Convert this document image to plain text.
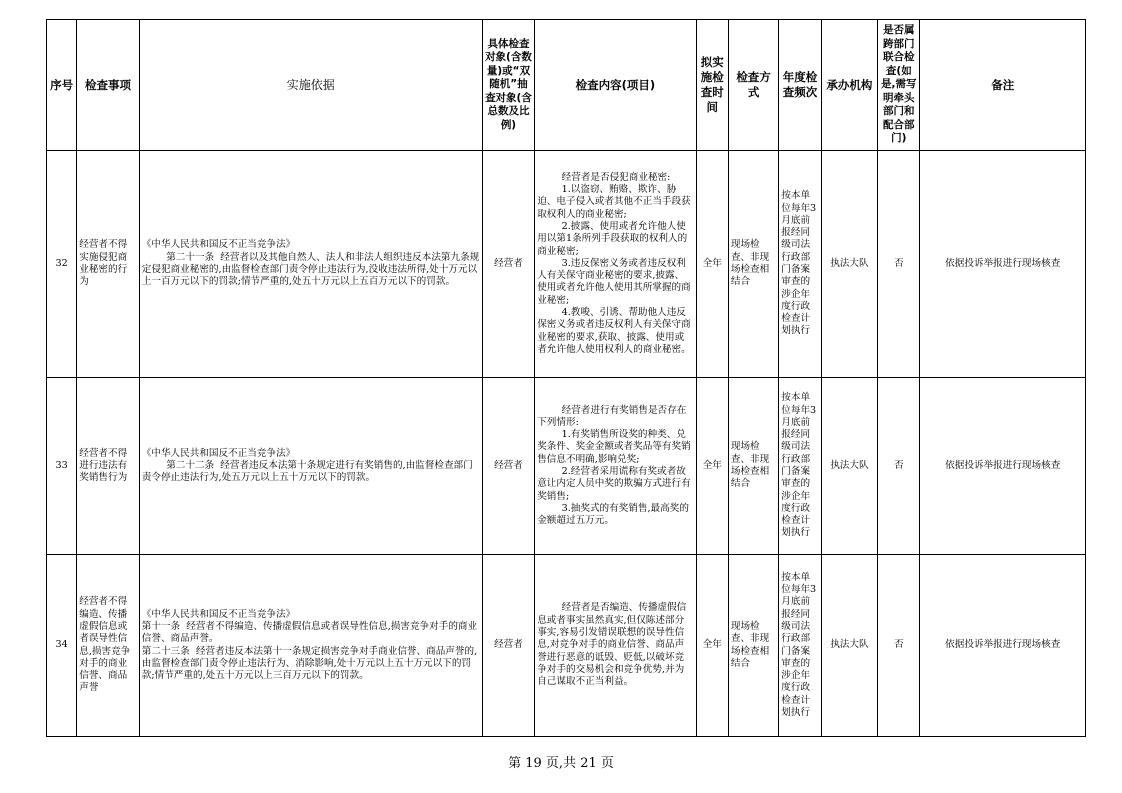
序号	检查事项	实施依据	具体检查对象(含数量)或“双随机”抽查对象(含总数及比例)	检查内容(项目)	拟实施检查时间	检查方式	年度检查频次	承办机构	是否属跨部门联合检查(如是,需写明牵头部门和配合部门)	备注
32	经营者不得实施侵犯商业秘密的行为	《中华人民共和国反不正当竞争法》
第二十一条  经营者以及其他自然人、法人和非法人组织违反本法第九条规定侵犯商业秘密的,由监督检查部门责令停止违法行为,没收违法所得,处十万元以上一百万元以下的罚款;情节严重的,处五十万元以上五百万元以下的罚款。	经营者	经营者是否侵犯商业秘密:
1.以盗窃、贿赂、欺诈、胁迫、电子侵入或者其他不正当手段获取权利人的商业秘密;
2.披露、使用或者允许他人使用以第1条所列手段获取的权利人的商业秘密;
3.违反保密义务或者违反权利人有关保守商业秘密的要求,披露、使用或者允许他人使用其所掌握的商业秘密;
4.教唆、引诱、帮助他人违反保密义务或者违反权利人有关保守商业秘密的要求,获取、披露、使用或者允许他人使用权利人的商业秘密。	全年	现场检查、非现场检查相结合	按本单位每年3月底前报经同级司法行政部门备案审查的涉企年度行政检查计划执行	执法大队	否	依据投诉举报进行现场核查
33	经营者不得进行违法有奖销售行为	《中华人民共和国反不正当竞争法》
第二十二条  经营者违反本法第十条规定进行有奖销售的,由监督检查部门责令停止违法行为,处五万元以上五十万元以下的罚款。	经营者	经营者进行有奖销售是否存在下列情形:
1.有奖销售所设奖的种类、兑奖条件、奖金金额或者奖品等有奖销售信息不明确,影响兑奖;
2.经营者采用谎称有奖或者故意让内定人员中奖的欺骗方式进行有奖销售;
3.抽奖式的有奖销售,最高奖的金额超过五万元。	全年	现场检查、非现场检查相结合	按本单位每年3月底前报经同级司法行政部门备案审查的涉企年度行政检查计划执行	执法大队	否	依据投诉举报进行现场核查
34	经营者不得编造、传播虚假信息或者误导性信息,损害竞争对手的商业信誉、商品声誉	《中华人民共和国反不正当竞争法》
第十一条  经营者不得编造、传播虚假信息或者误导性信息,损害竞争对手的商业信誉、商品声誉。
第二十三条  经营者违反本法第十一条规定损害竞争对手商业信誉、商品声誉的,由监督检查部门责令停止违法行为、消除影响,处十万元以上五十万元以下的罚款;情节严重的,处五十万元以上三百万元以下的罚款。	经营者	经营者是否编造、传播虚假信息或者事实虽然真实,但仅陈述部分事实,容易引发错误联想的误导性信息,对竞争对手的商业信誉、商品声誉进行恶意的诋毁、贬低,以破坏竞争对手的交易机会和竞争优势,并为自己谋取不正当利益。	全年	现场检查、非现场检查相结合	按本单位每年3月底前报经同级司法行政部门备案审查的涉企年度行政检查计划执行	执法大队	否	依据投诉举报进行现场核查
第 19 页,共 21 页
